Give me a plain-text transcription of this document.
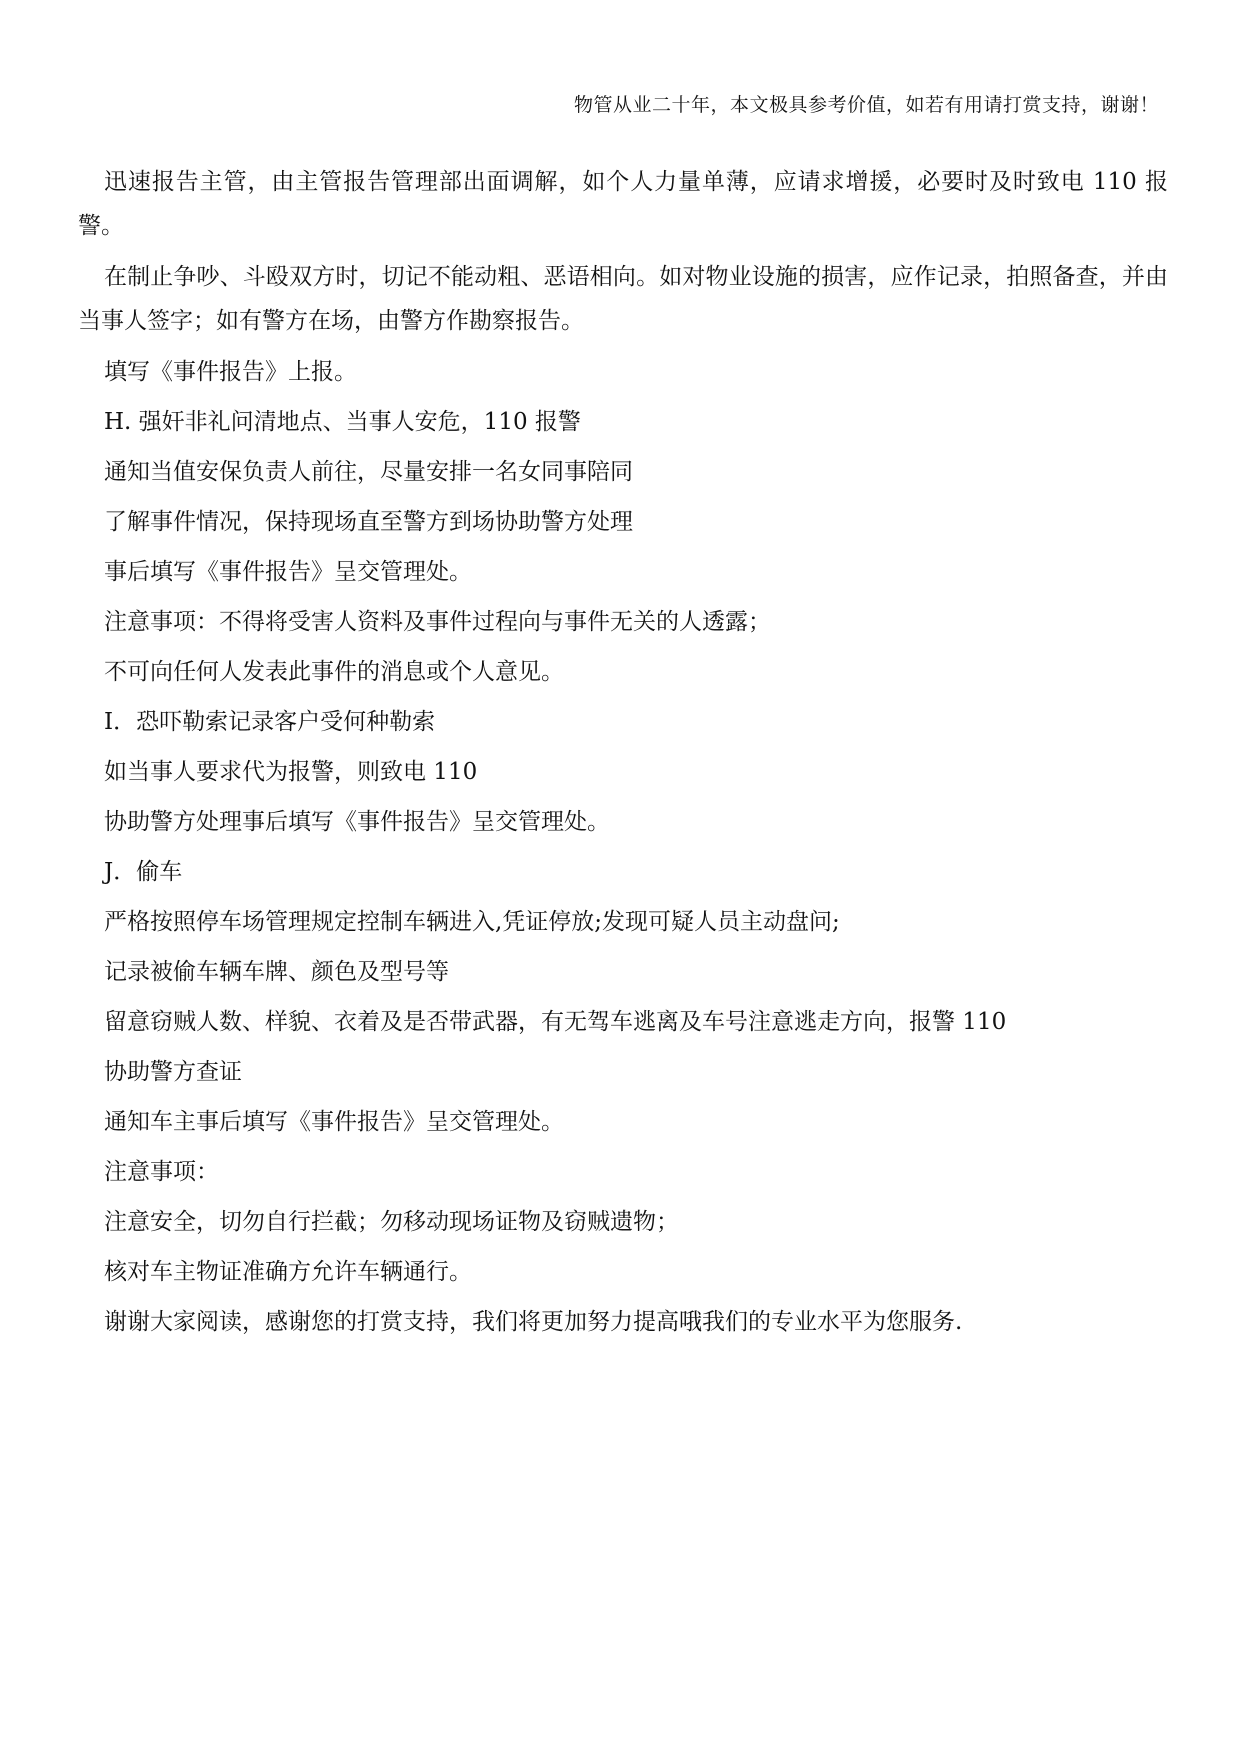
物管从业二十年，本文极具参考价值，如若有用请打赏支持，谢谢！

迅速报告主管，由主管报告管理部出面调解，如个人力量单薄，应请求增援，必要时及时致电 110 报警。

在制止争吵、斗殴双方时，切记不能动粗、恶语相向。如对物业设施的损害，应作记录，拍照备查，并由当事人签字；如有警方在场，由警方作勘察报告。

填写《事件报告》上报。

H. 强奸非礼问清地点、当事人安危，110 报警

通知当值安保负责人前往，尽量安排一名女同事陪同

了解事件情况，保持现场直至警方到场协助警方处理

事后填写《事件报告》呈交管理处。

注意事项：不得将受害人资料及事件过程向与事件无关的人透露；

不可向任何人发表此事件的消息或个人意见。

I．恐吓勒索记录客户受何种勒索

如当事人要求代为报警，则致电 110

协助警方处理事后填写《事件报告》呈交管理处。

J．偷车

严格按照停车场管理规定控制车辆进入,凭证停放;发现可疑人员主动盘问;

记录被偷车辆车牌、颜色及型号等

留意窃贼人数、样貌、衣着及是否带武器，有无驾车逃离及车号注意逃走方向，报警 110

协助警方查证

通知车主事后填写《事件报告》呈交管理处。

注意事项：

注意安全，切勿自行拦截；勿移动现场证物及窃贼遗物；

核对车主物证准确方允许车辆通行。

谢谢大家阅读，感谢您的打赏支持，我们将更加努力提高哦我们的专业水平为您服务.
